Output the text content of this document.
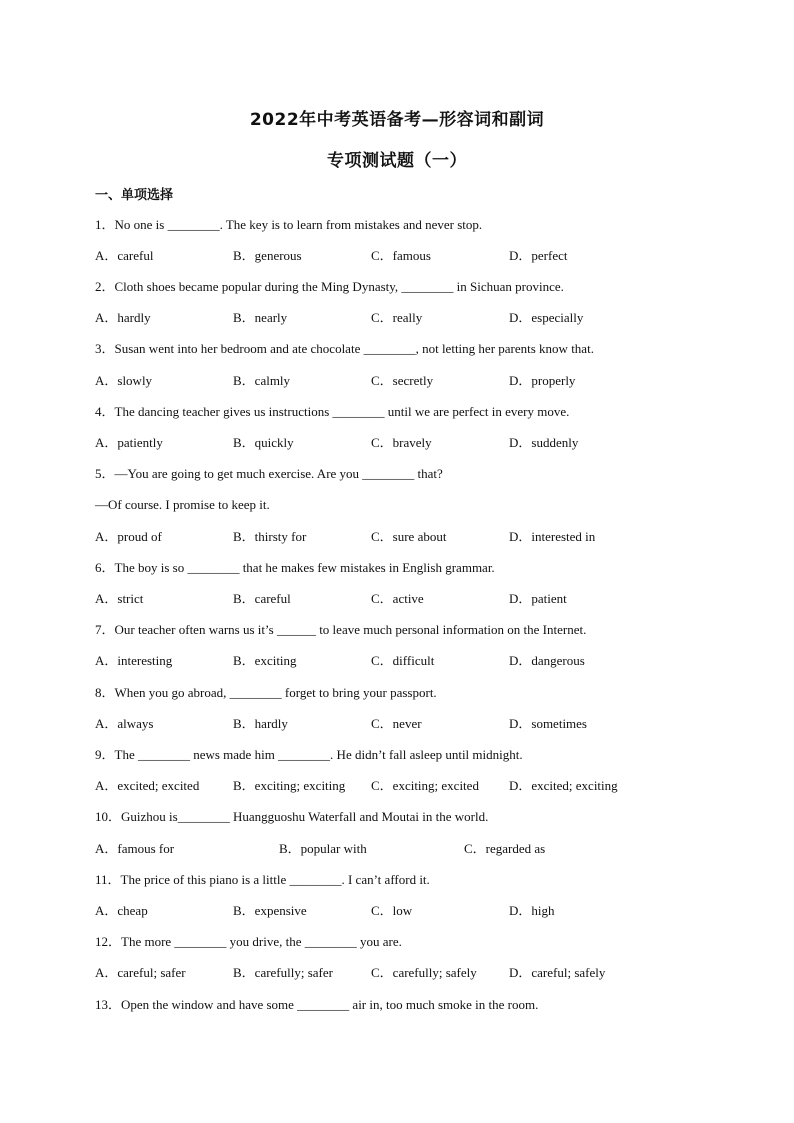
2022年中考英语备考—形容词和副词
专项测试题（一）
一、单项选择
1．No one is ________. The key is to learn from mistakes and never stop.
A．careful	B．generous	C．famous	D．perfect
2．Cloth shoes became popular during the Ming Dynasty, ________ in Sichuan province.
A．hardly	B．nearly	C．really	D．especially
3．Susan went into her bedroom and ate chocolate ________, not letting her parents know that.
A．slowly	B．calmly	C．secretly	D．properly
4．The dancing teacher gives us instructions ________ until we are perfect in every move.
A．patiently	B．quickly	C．bravely	D．suddenly
5．—You are going to get much exercise. Are you ________ that?
—Of course. I promise to keep it.
A．proud of	B．thirsty for	C．sure about	D．interested in
6．The boy is so ________ that he makes few mistakes in English grammar.
A．strict	B．careful	C．active	D．patient
7．Our teacher often warns us it’s ______ to leave much personal information on the Internet.
A．interesting	B．exciting	C．difficult	D．dangerous
8．When you go abroad, ________ forget to bring your passport.
A．always	B．hardly	C．never	D．sometimes
9．The ________ news made him ________. He didn’t fall asleep until midnight.
A．excited; excited	B．exciting; exciting C．exciting; excited D．excited; exciting
10．Guizhou is________ Huangguoshu Waterfall and Moutai in the world.
A．famous for	B．popular with	C．regarded as
11．The price of this piano is a little ________. I can’t afford it.
A．cheap	B．expensive	C．low	D．high
12．The more ________ you drive, the ________ you are.
A．careful; safer	B．carefully; safer	C．carefully; safely D．careful; safely
13．Open the window and have some ________ air in, too much smoke in the room.
